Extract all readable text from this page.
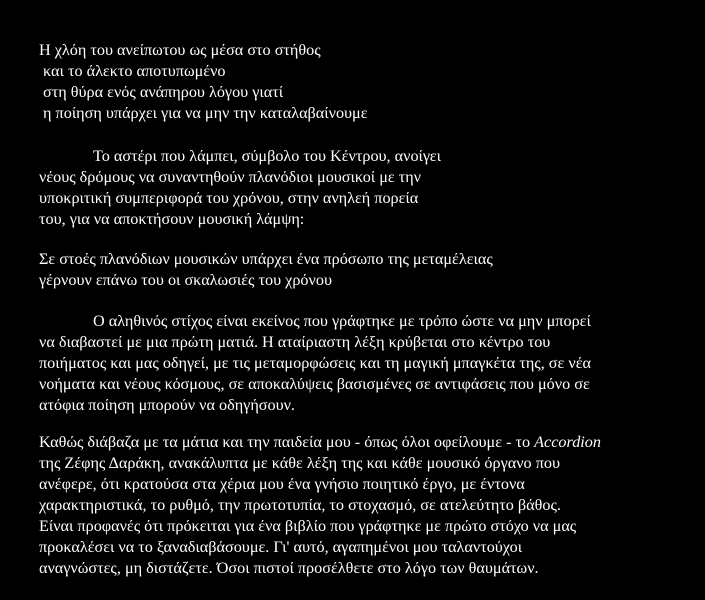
Η χλόη του ανείπωτου ως μέσα στο στήθος
και το άλεκτο αποτυπωμένο
στη θύρα ενός ανάπηρου λόγου γιατί
η ποίηση υπάρχει για να μην την καταλαβαίνουμε
Το αστέρι που λάμπει, σύμβολο του Κέντρου, ανοίγει
νέους δρόμους να συναντηθούν πλανόδιοι μουσικοί με την
υποκριτική συμπεριφορά του χρόνου, στην ανηλεή πορεία
του, για να αποκτήσουν μουσική λάμψη:
Σε στοές πλανόδιων μουσικών υπάρχει ένα πρόσωπο της μεταμέλειας
γέρνουν επάνω του οι σκαλωσιές του χρόνου
Ο αληθινός στίχος είναι εκείνος που γράφτηκε με τρόπο ώστε να μην μπορεί
να διαβαστεί με μια πρώτη ματιά. Η αταίριαστη λέξη κρύβεται στο κέντρο του
ποιήματος και μας οδηγεί, με τις μεταμορφώσεις και τη μαγική μπαγκέτα της, σε νέα
νοήματα και νέους κόσμους, σε αποκαλύψεις βασισμένες σε αντιφάσεις που μόνο σε
ατόφια ποίηση μπορούν να οδηγήσουν.
Καθώς διάβαζα με τα μάτια και την παιδεία μου - όπως όλοι οφείλουμε - το Accordion
της Ζέφης Δαράκη, ανακάλυπτα με κάθε λέξη της και κάθε μουσικό όργανο που
ανέφερε, ότι κρατούσα στα χέρια μου ένα γνήσιο ποιητικό έργο, με έντονα
χαρακτηριστικά, το ρυθμό, την πρωτοτυπία, το στοχασμό, σε ατελεύτητο βάθος.
Είναι προφανές ότι πρόκειται για ένα βιβλίο που γράφτηκε με πρώτο στόχο να μας
προκαλέσει να το ξαναδιαβάσουμε. Γι' αυτό, αγαπημένοι μου ταλαντούχοι
αναγνώστες, μη διστάζετε. Όσοι πιστοί προσέλθετε στο λόγο των θαυμάτων.
